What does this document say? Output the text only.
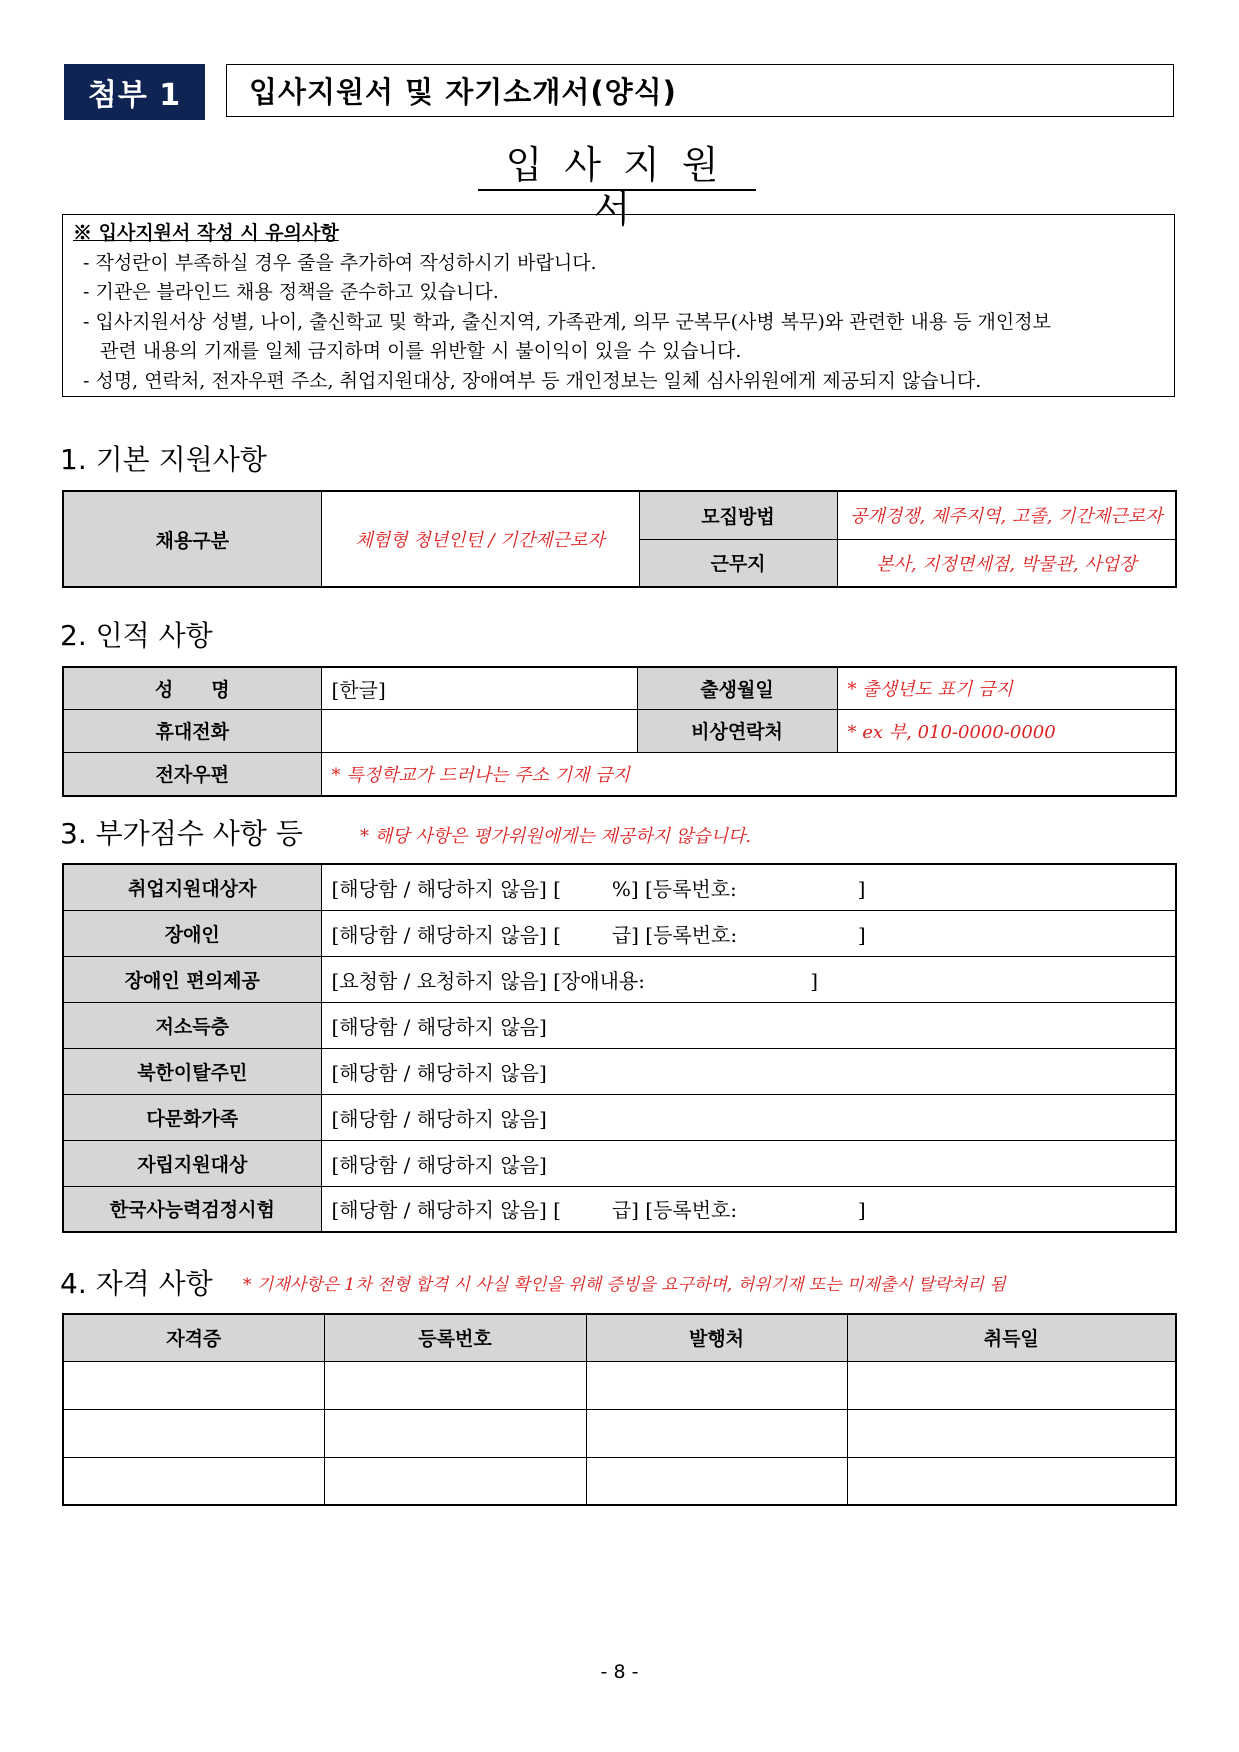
첨부 1	입사지원서 및 자기소개서(양식)
입사지원서
※ 입사지원서 작성 시 유의사항
- 작성란이 부족하실 경우 줄을 추가하여 작성하시기 바랍니다.
- 기관은 블라인드 채용 정책을 준수하고 있습니다.
- 입사지원서상 성별, 나이, 출신학교 및 학과, 출신지역, 가족관계, 의무 군복무(사병 복무)와 관련한 내용 등 개인정보
관련 내용의 기재를 일체 금지하며 이를 위반할 시 불이익이 있을 수 있습니다.
- 성명, 연락처, 전자우편 주소, 취업지원대상, 장애여부 등 개인정보는 일체 심사위원에게 제공되지 않습니다.
1. 기본 지원사항
채용구분	체험형 청년인턴 / 기간제근로자	모집방법	공개경쟁, 제주지역, 고졸, 기간제근로자
		근무지	본사, 지정면세점, 박물관, 사업장
2. 인적 사항
성　　명	[한글]	출생월일	* 출생년도 표기 금지
휴대전화		비상연락처	* ex 부, 010-0000-0000
전자우편	* 특정학교가 드러나는 주소 기재 금지		
3. 부가점수 사항 등	* 해당 사항은 평가위원에게는 제공하지 않습니다.
취업지원대상자	[해당함 / 해당하지 않음] [        %] [등록번호:                   ]
장애인	[해당함 / 해당하지 않음] [        급] [등록번호:                   ]
장애인 편의제공	[요청함 / 요청하지 않음] [장애내용:                          ]
저소득층	[해당함 / 해당하지 않음]
북한이탈주민	[해당함 / 해당하지 않음]
다문화가족	[해당함 / 해당하지 않음]
자립지원대상	[해당함 / 해당하지 않음]
한국사능력검정시험	[해당함 / 해당하지 않음] [        급] [등록번호:                   ]
4. 자격 사항 * 기재사항은 1차 전형 합격 시 사실 확인을 위해 증빙을 요구하며, 허위기재 또는 미제출시 탈락처리 됨
자격증	등록번호	발행처	취득일

- 8 -
